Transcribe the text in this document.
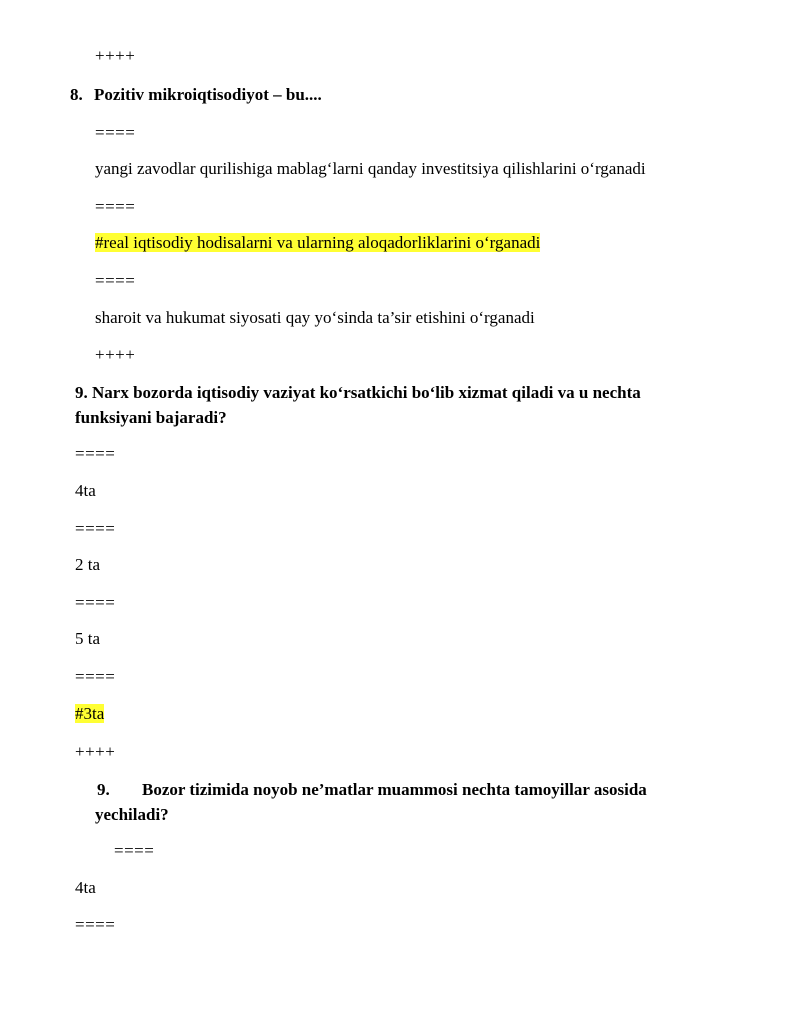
++++
8. Pozitiv mikroiqtisodiyot – bu....
====
yangi zavodlar qurilishiga mablag‘larni qanday investitsiya qilishlarini o‘rganadi
====
#real iqtisodiy hodisalarni va ularning aloqadorliklarini o‘rganadi
====
sharoit va hukumat siyosati qay yo‘sinda ta’sir etishini o‘rganadi
++++
9. Narx bozorda iqtisodiy vaziyat ko‘rsatkichi bo‘lib xizmat qiladi va u nechta
funksiyani bajaradi?
====
4ta
====
2 ta
====
5 ta
====
#3ta
++++
9. Bozor tizimida noyob ne’matlar muammosi nechta tamoyillar asosida
yechiladi?
====
4ta
====
